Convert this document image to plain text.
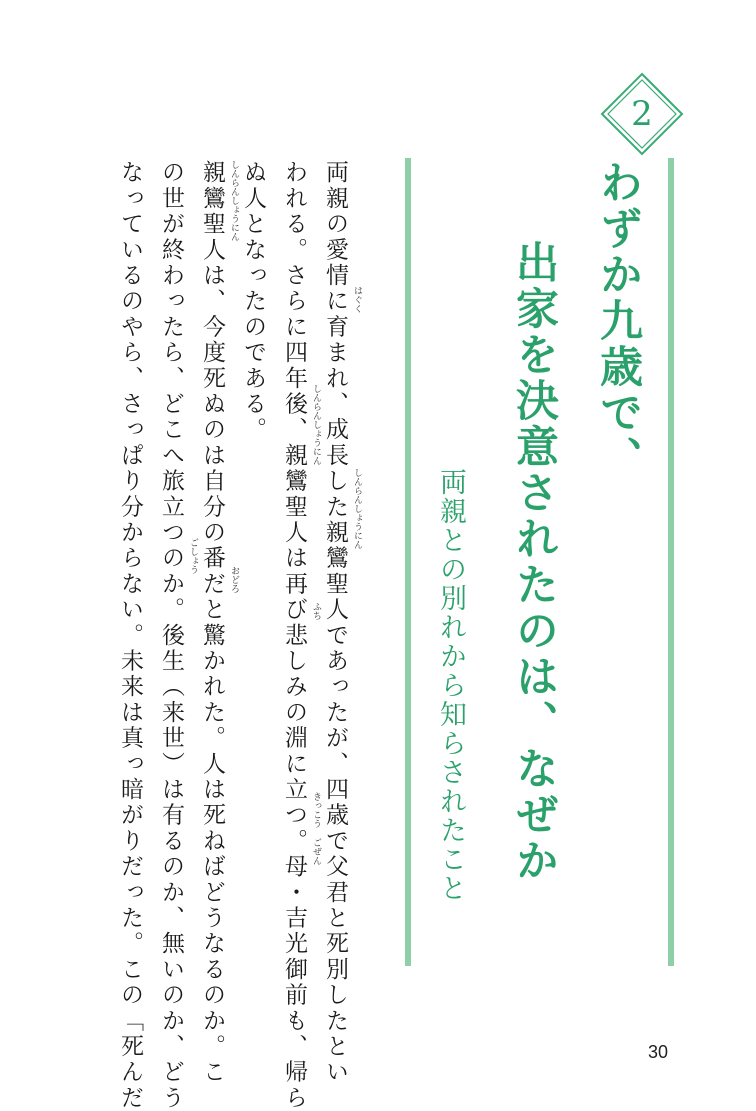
2
わずか九歳で、
出家を決意されたのは、なぜか
両親との別れから知らされたこと
両親の愛情に育まれ、成長した親鸞聖人であったが、四歳で父君と死別したとい
われる。さらに四年後、親鸞聖人は再び悲しみの淵に立つ。母・吉光御前も、帰ら
ぬ人となったのである。
親鸞聖人は、今度死ぬのは自分の番だと驚かれた。人は死ねばどうなるのか。こ
の世が終わったら、どこへ旅立つのか。後生（来世）は有るのか、無いのか、どう
なっているのやら、さっぱり分からない。未来は真っ暗がりだった。この「死んだ	はぐく
しんらんしょうにん
しんらんしょうにん
ふち
きっこう ごぜん
しんらんしょうにん
おどろ
ごしょう
30
